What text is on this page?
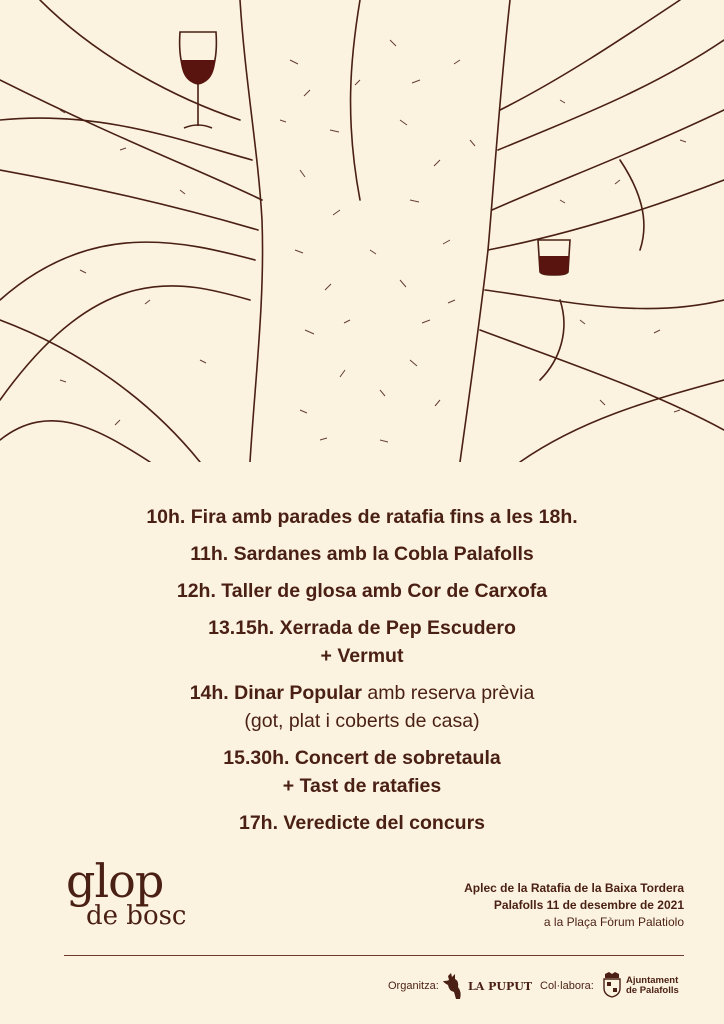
10h. Fira amb parades de ratafia fins a les 18h.
11h. Sardanes amb la Cobla Palafolls
12h. Taller de glosa amb Cor de Carxofa
13.15h. Xerrada de Pep Escudero
+ Vermut
14h. Dinar Popular amb reserva prèvia
(got, plat i coberts de casa)
15.30h. Concert de sobretaula
+ Tast de ratafies
17h. Veredicte del concurs
glop
de bosc
Aplec de la Ratafia de la Baixa Tordera
Palafolls 11 de desembre de 2021
a la Plaça Fòrum Palatiolo
Organitza:	LA PUPUT Col·labora:	Ajuntament
de Palafolls
